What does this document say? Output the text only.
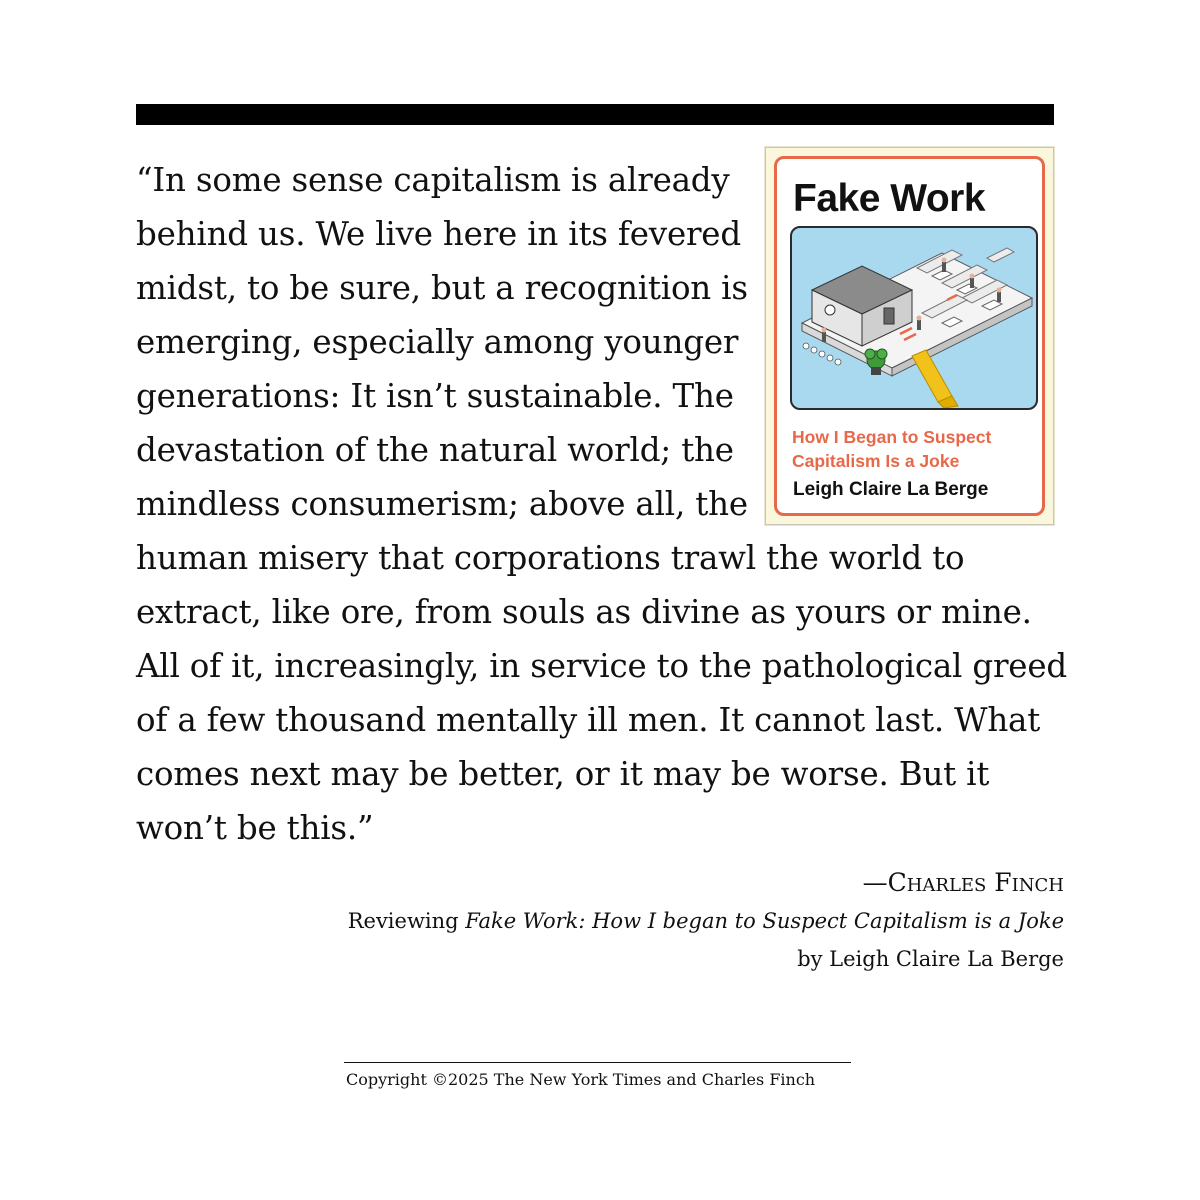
“In some sense capitalism is already
behind us. We live here in its fevered
midst, to be sure, but a recognition is
emerging, especially among younger
generations: It isn’t sustainable. The
devastation of the natural world; the
mindless consumerism; above all, the
human misery that corporations trawl the world to
extract, like ore, from souls as divine as yours or mine.
All of it, increasingly, in service to the pathological greed
of a few thousand mentally ill men. It cannot last. What
comes next may be better, or it may be worse. But it
won’t be this.”
Fake Work
How I Began to Suspect
Capitalism Is a Joke
Leigh Claire La Berge
—Charles Finch
Reviewing Fake Work: How I began to Suspect Capitalism is a Joke
by Leigh Claire La Berge
Copyright ©2025 The New York Times and Charles Finch
